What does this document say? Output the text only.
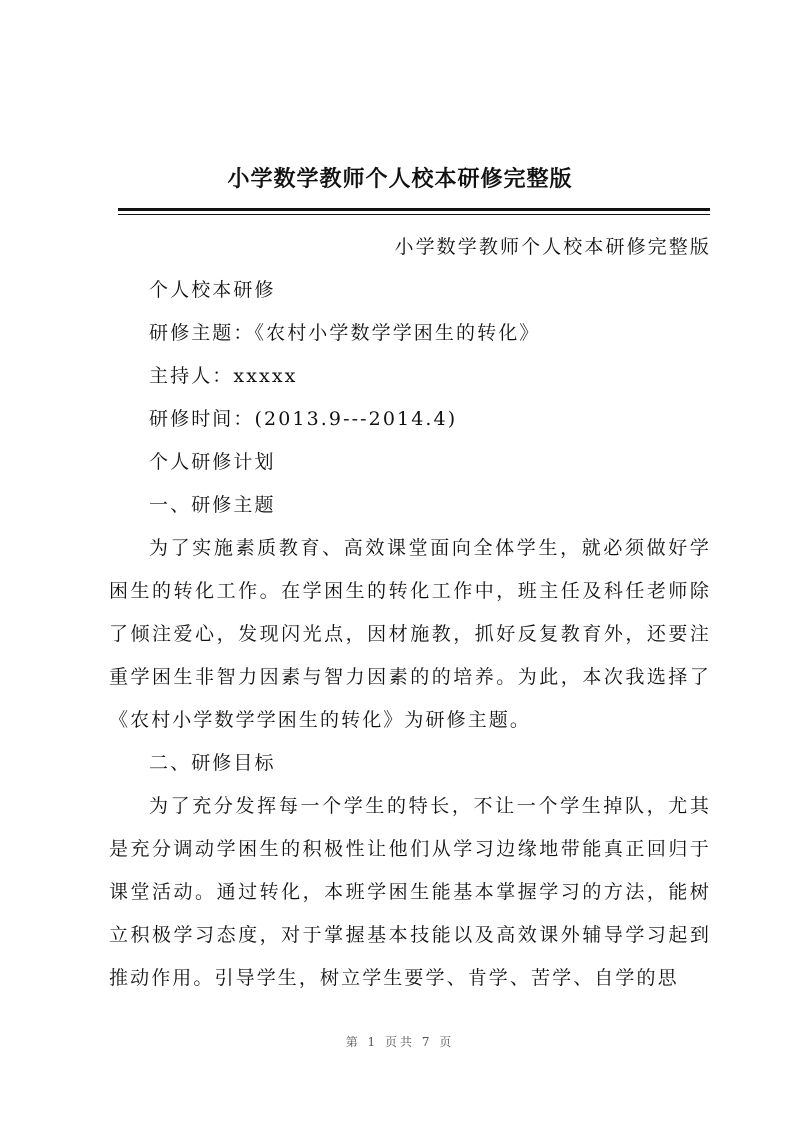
小学数学教师个人校本研修完整版

小学数学教师个人校本研修完整版

个人校本研修

研修主题：《农村小学数学学困生的转化》

主持人：xxxxx

研修时间：(2013.9---2014.4)

个人研修计划

一、研修主题

为了实施素质教育、高效课堂面向全体学生，就必须做好学困生的转化工作。在学困生的转化工作中，班主任及科任老师除了倾注爱心，发现闪光点，因材施教，抓好反复教育外，还要注重学困生非智力因素与智力因素的的培养。为此，本次我选择了《农村小学数学学困生的转化》为研修主题。

二、研修目标

为了充分发挥每一个学生的特长，不让一个学生掉队，尤其是充分调动学困生的积极性让他们从学习边缘地带能真正回归于课堂活动。通过转化，本班学困生能基本掌握学习的方法，能树立积极学习态度，对于掌握基本技能以及高效课外辅导学习起到推动作用。引导学生，树立学生要学、肯学、苦学、自学的思

第 1 页共 7 页
